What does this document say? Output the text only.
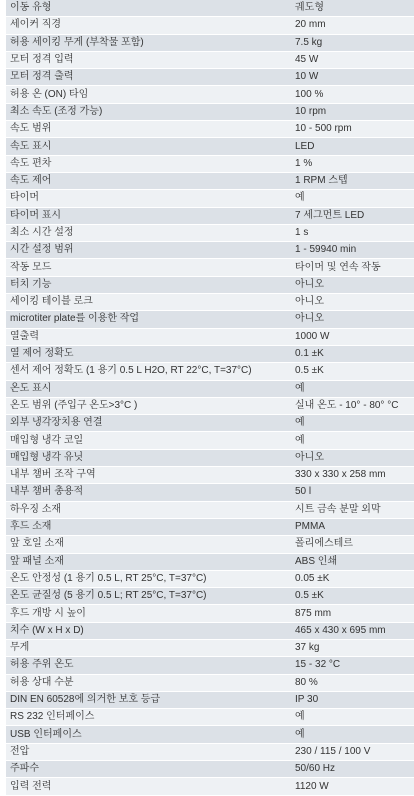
이동 유형	궤도형
세이커 직경	20 mm
허용 세이킹 무게 (부착물 포함)	7.5 kg
모터 정격 입력	45 W
모터 정격 출력	10 W
허용 온 (ON) 타임	100 %
최소 속도 (조정 가능)	10 rpm
속도 범위	10 - 500 rpm
속도 표시	LED
속도 편차	1 %
속도 제어	1 RPM 스텝
타이머	예
타이머 표시	7 세그먼트 LED
최소 시간 설정	1 s
시간 설정 범위	1 - 59940 min
작동 모드	타이머 및 연속 작동
터치 기능	아니오
세이킹 테이블 로크	아니오
microtiter plate를 이용한 작업	아니오
열출력	1000 W
열 제어 정확도	0.1 ±K
센서 제어 정확도 (1 용기 0.5 L H2O, RT 22°C, T=37°C)	0.5 ±K
온도 표시	예
온도 범위 (주입구 온도>3°C )	실내 온도 - 10° - 80° °C
외부 냉각장치용 연결	예
매입형 냉각 코일	예
매입형 냉각 유닛	아니오
내부 챔버 조작 구역	330 x 330 x 258 mm
내부 챔버 총용적	50 l
하우징 소재	시트 금속 분말 외막
후드 소재	PMMA
앞 호일 소재	폴리에스테르
앞 패널 소재	ABS 인쇄
온도 안정성 (1 용기 0.5 L, RT 25°C, T=37°C)	0.05 ±K
온도 균질성 (5 용기 0.5 L; RT 25°C, T=37°C)	0.5 ±K
후드 개방 시 높이	875 mm
치수 (W x H x D)	465 x 430 x 695 mm
무게	37 kg
허용 주위 온도	15 - 32 °C
허용 상대 수분	80 %
DIN EN 60528에 의거한 보호 등급	IP 30
RS 232 인터페이스	예
USB 인터페이스	예
전압	230 / 115 / 100 V
주파수	50/60 Hz
입력 전력	1120 W
